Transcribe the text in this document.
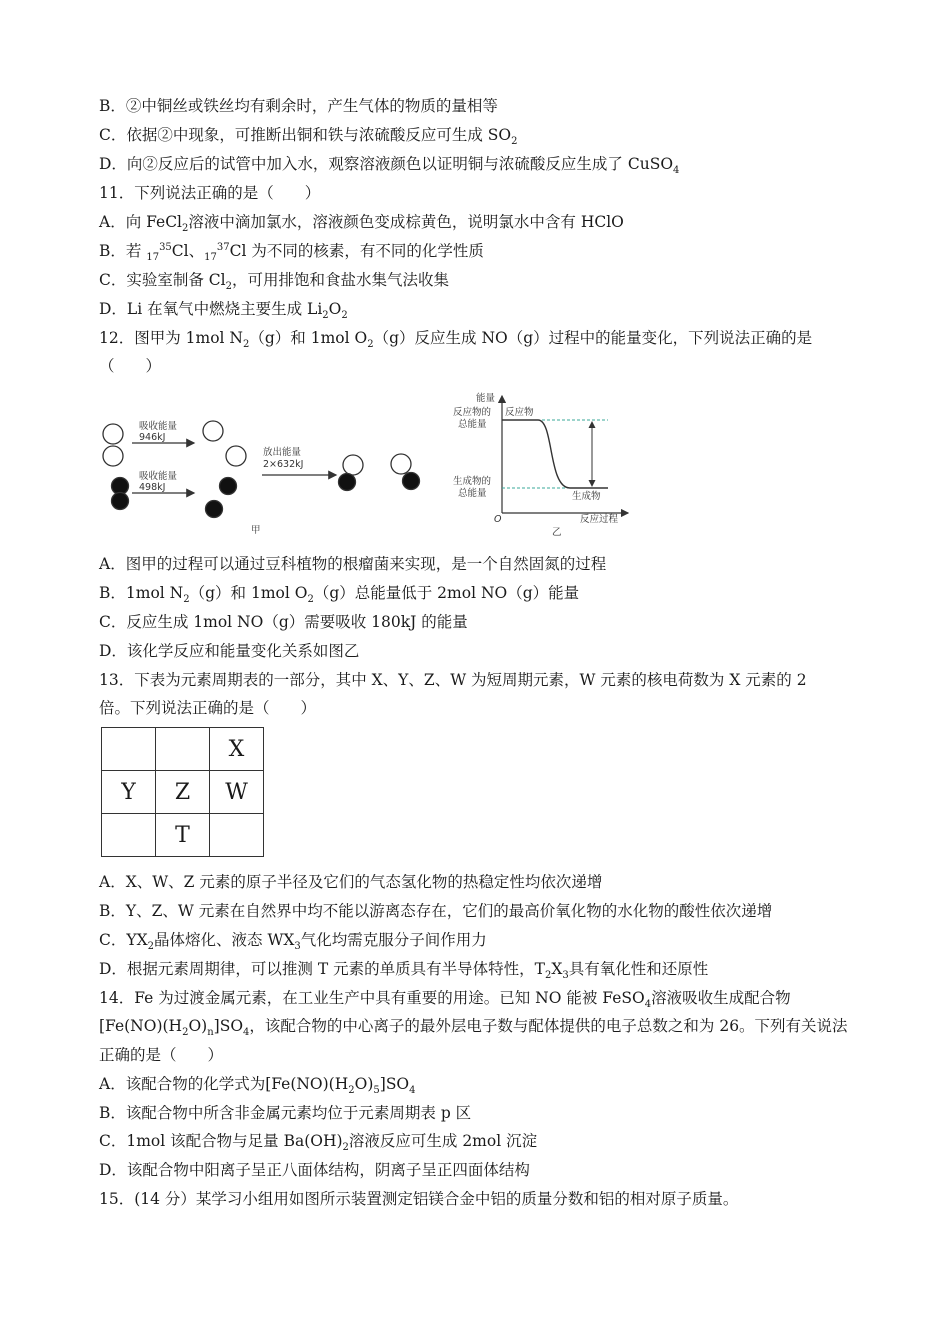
B．②中铜丝或铁丝均有剩余时，产生气体的物质的量相等
C．依据②中现象，可推断出铜和铁与浓硫酸反应可生成 $SO_2$
D．向②反应后的试管中加入水，观察溶液颜色以证明铜与浓硫酸反应生成了 CuSO$_4$
11．下列说法正确的是（　　）
A．向 FeCl$_2$溶液中滴加氯水，溶液颜色变成棕黄色，说明氯水中含有 HClO
B．若 $_{17}^{35}$Cl、$_{17}^{37}$Cl 为不同的核素，有不同的化学性质
C．实验室制备 $Cl_2$，可用排饱和食盐水集气法收集
D．Li 在氧气中燃烧主要生成 $Li_2O_2$
12．图甲为 1mol $N_2(g)$和 1mol $O_2(g)$反应生成 NO（g）过程中的能量变化，下列说法正确的是
（　　）
吸收能量
946kJ
吸收能量
498kJ
放出能量
2×632kJ
甲
能量
反应物的
总能量
反应物
生成物的
总能量	生成物
O	反应过程
乙
A．图甲的过程可以通过豆科植物的根瘤菌来实现，是一个自然固氮的过程
B．1mol $N_2(g)$和 1mol $O_2(g)$总能量低于 2mol NO（g）能量
C．反应生成 1mol NO（g）需要吸收 180kJ 的能量
D．该化学反应和能量变化关系如图乙
13．下表为元素周期表的一部分，其中 X、Y、Z、W 为短周期元素，W 元素的核电荷数为 X 元素的 2
倍。下列说法正确的是（　　）
		X
Y	Z	W
	T	
A．X、W、Z 元素的原子半径及它们的气态氢化物的热稳定性均依次递增
B．Y、Z、W 元素在自然界中均不能以游离态存在，它们的最高价氧化物的水化物的酸性依次递增
C．$YX_2$晶体熔化、液态 $WX_3$气化均需克服分子间作用力
D．根据元素周期律，可以推测 T 元素的单质具有半导体特性，$T_2X_3$具有氧化性和还原性
14．Fe 为过渡金属元素，在工业生产中具有重要的用途。已知 NO 能被 FeSO$_4$溶液吸收生成配合物
$[Fe(NO)(H_2O)_n]SO_4$，该配合物的中心离子的最外层电子数与配体提供的电子总数之和为 26。下列有关说法
正确的是（　　）
A．该配合物的化学式为$[Fe(NO)(H_2O)_5]SO_4$
B．该配合物中所含非金属元素均位于元素周期表 p 区
C．1mol 该配合物与足量 $Ba(OH)_2$溶液反应可生成 2mol 沉淀
D．该配合物中阳离子呈正八面体结构，阴离子呈正四面体结构
15．(14 分）某学习小组用如图所示装置测定铝镁合金中铝的质量分数和铝的相对原子质量。
